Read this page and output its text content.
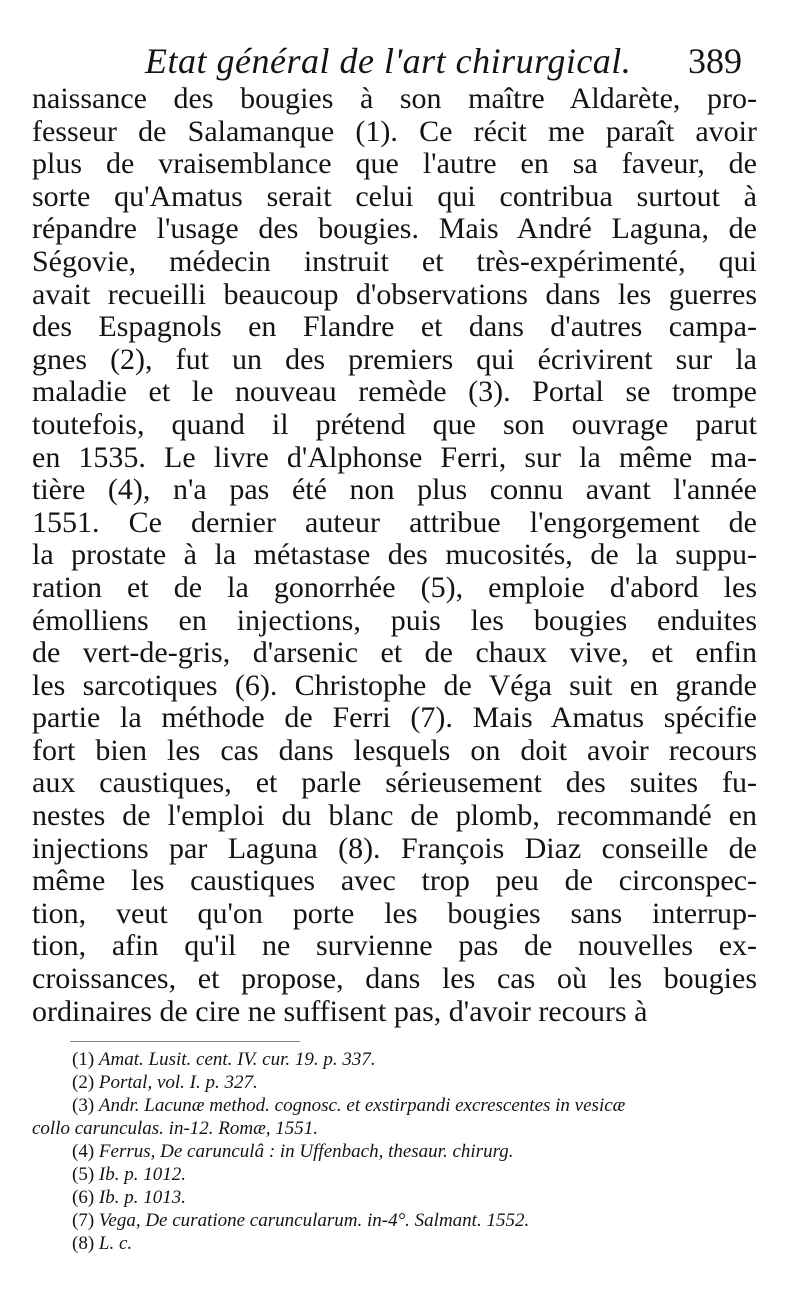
Etat général de l'art chirurgical. 389
naissance des bougies à son maître Aldarète, pro-
fesseur de Salamanque (1). Ce récit me paraît avoir
plus de vraisemblance que l'autre en sa faveur, de
sorte qu'Amatus serait celui qui contribua surtout à
répandre l'usage des bougies. Mais André Laguna, de
Ségovie, médecin instruit et très-expérimenté, qui
avait recueilli beaucoup d'observations dans les guerres
des Espagnols en Flandre et dans d'autres campa-
gnes (2), fut un des premiers qui écrivirent sur la
maladie et le nouveau remède (3). Portal se trompe
toutefois, quand il prétend que son ouvrage parut
en 1535. Le livre d'Alphonse Ferri, sur la même ma-
tière (4), n'a pas été non plus connu avant l'année
1551. Ce dernier auteur attribue l'engorgement de
la prostate à la métastase des mucosités, de la suppu-
ration et de la gonorrhée (5), emploie d'abord les
émolliens en injections, puis les bougies enduites
de vert-de-gris, d'arsenic et de chaux vive, et enfin
les sarcotiques (6). Christophe de Véga suit en grande
partie la méthode de Ferri (7). Mais Amatus spécifie
fort bien les cas dans lesquels on doit avoir recours
aux caustiques, et parle sérieusement des suites fu-
nestes de l'emploi du blanc de plomb, recommandé en
injections par Laguna (8). François Diaz conseille de
même les caustiques avec trop peu de circonspec-
tion, veut qu'on porte les bougies sans interrup-
tion, afin qu'il ne survienne pas de nouvelles ex-
croissances, et propose, dans les cas où les bougies
ordinaires de cire ne suffisent pas, d'avoir recours à
(1) Amat. Lusit. cent. IV. cur. 19. p. 337.
(2) Portal, vol. I. p. 327.
(3) Andr. Lacunæ method. cognosc. et exstirpandi excrescentes in vesicæ
collo carunculas. in-12. Romæ, 1551.
(4) Ferrus, De carunculâ : in Uffenbach, thesaur. chirurg.
(5) Ib. p. 1012.
(6) Ib. p. 1013.
(7) Vega, De curatione caruncularum. in-4°. Salmant. 1552.
(8) L. c.
